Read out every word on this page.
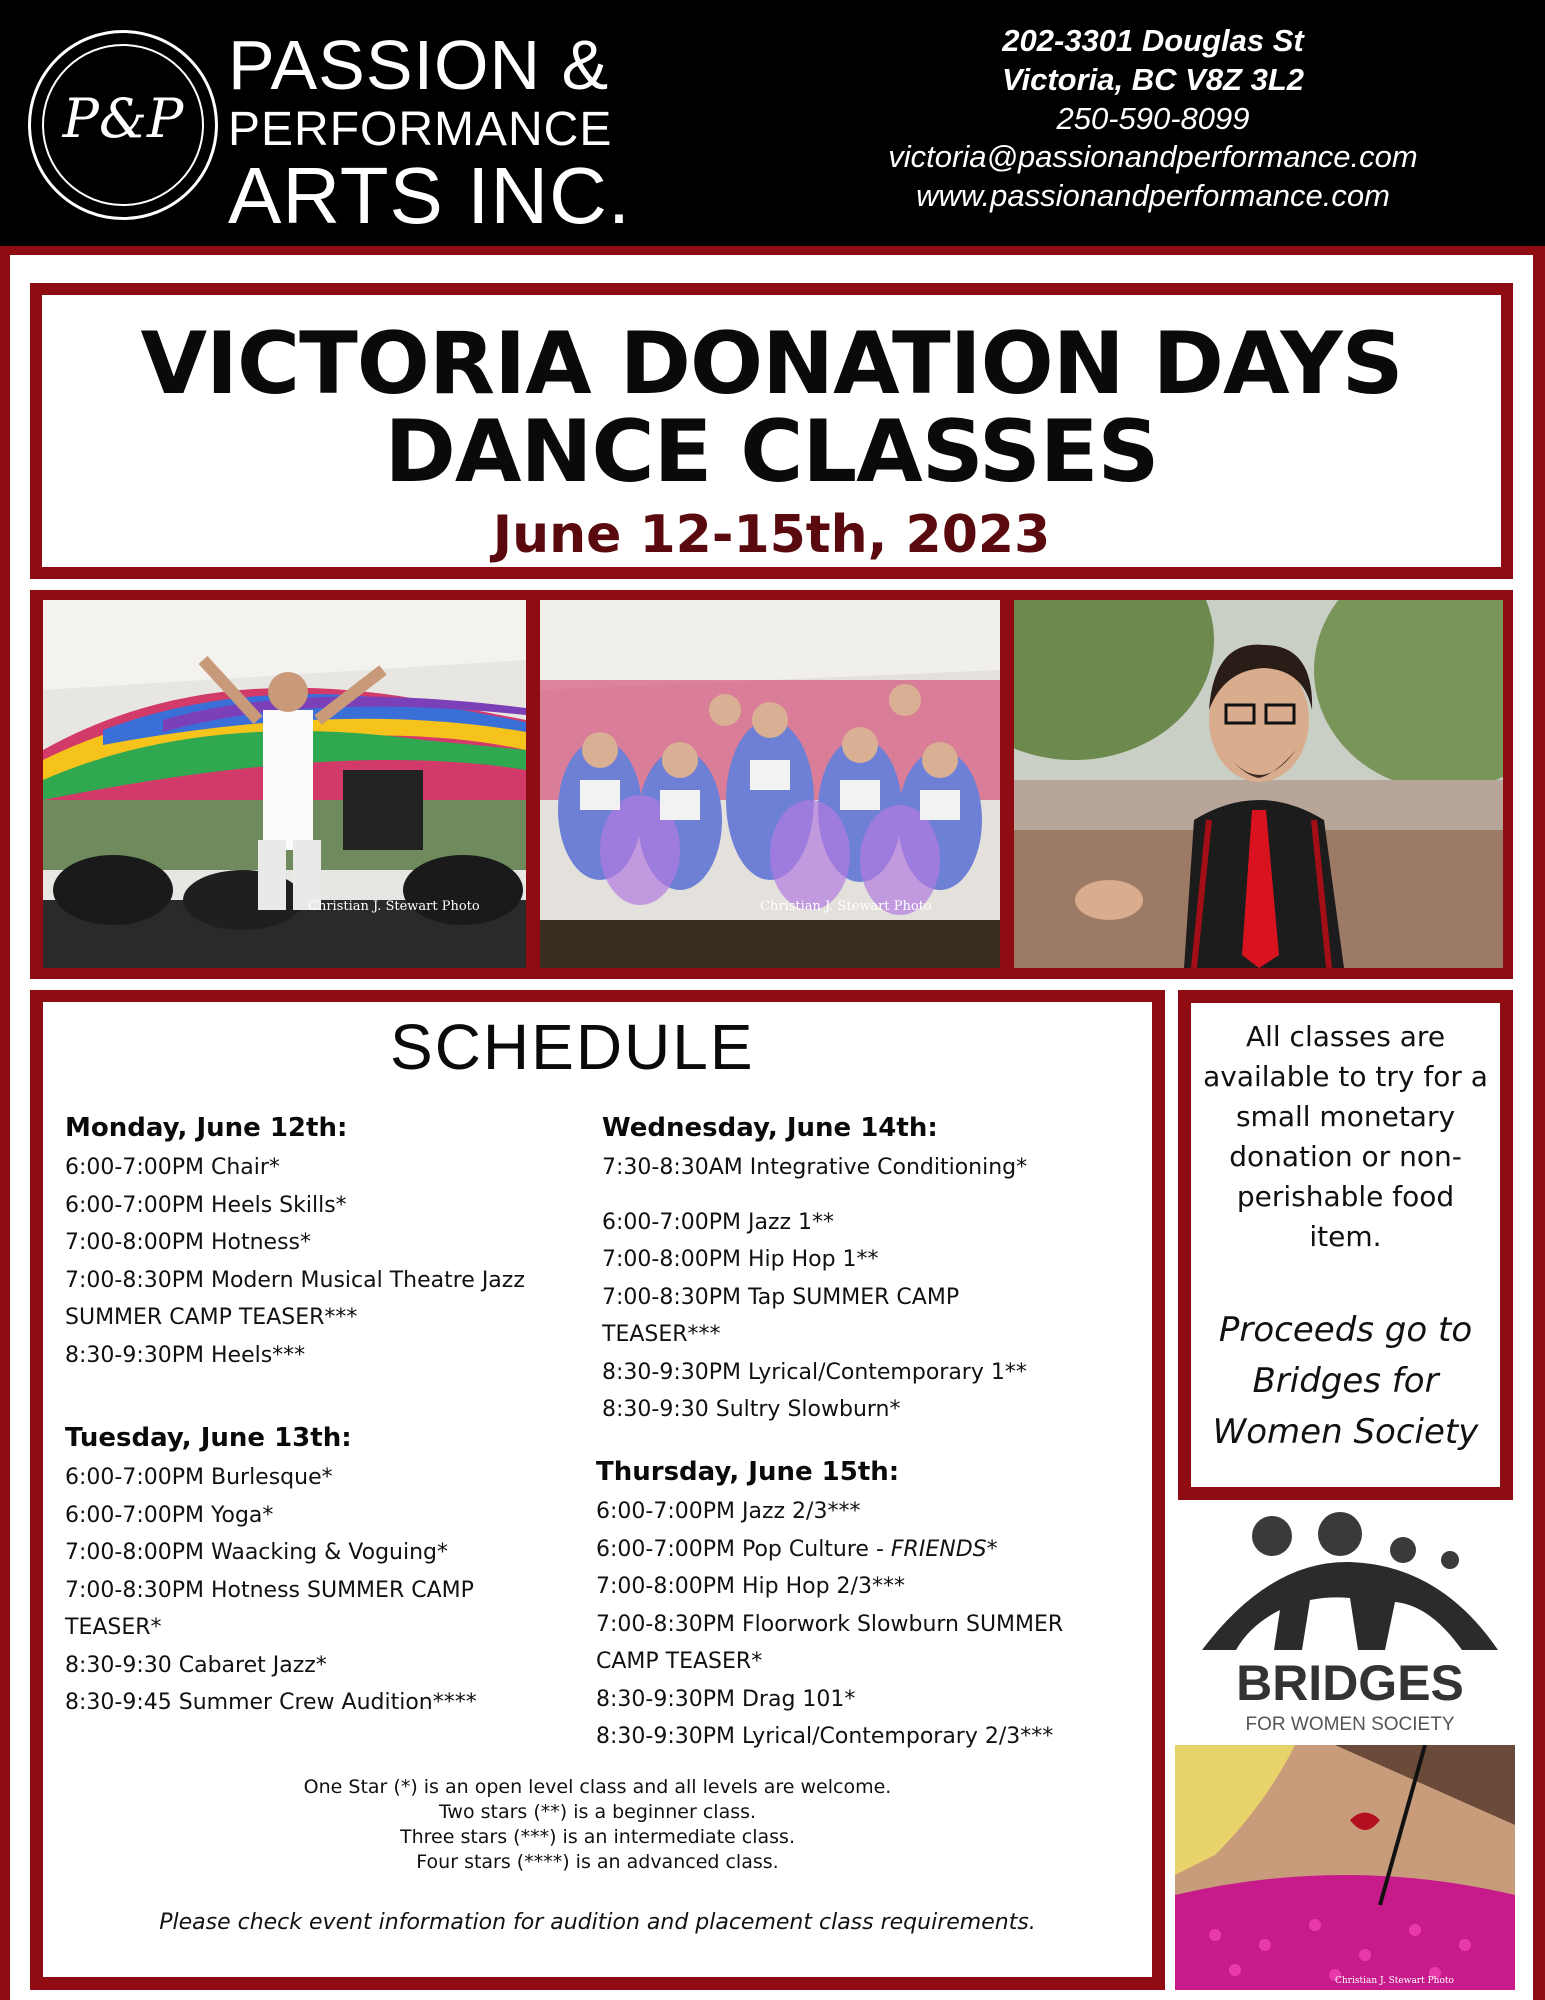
P&P
PASSION &
PERFORMANCE
ARTS INC.
202-3301 Douglas St
Victoria, BC V8Z 3L2
250-590-8099
victoria@passionandperformance.com
www.passionandperformance.com
VICTORIA DONATION DAYS
DANCE CLASSES
June 12-15th, 2023
Christian J. Stewart Photo	Christian J. Stewart Photo
SCHEDULE
Monday, June 12th:
6:00-7:00PM Chair*
6:00-7:00PM Heels Skills*
7:00-8:00PM Hotness*
7:00-8:30PM Modern Musical Theatre Jazz
SUMMER CAMP TEASER***
8:30-9:30PM Heels***
Tuesday, June 13th:
6:00-7:00PM Burlesque*
6:00-7:00PM Yoga*
7:00-8:00PM Waacking & Voguing*
7:00-8:30PM Hotness SUMMER CAMP
TEASER*
8:30-9:30 Cabaret Jazz*
8:30-9:45 Summer Crew Audition****
Wednesday, June 14th:
7:30-8:30AM Integrative Conditioning*
6:00-7:00PM Jazz 1**
7:00-8:00PM Hip Hop 1**
7:00-8:30PM Tap SUMMER CAMP
TEASER***
8:30-9:30PM Lyrical/Contemporary 1**
8:30-9:30 Sultry Slowburn*
Thursday, June 15th:
6:00-7:00PM Jazz 2/3***
6:00-7:00PM Pop Culture - FRIENDS*
7:00-8:00PM Hip Hop 2/3***
7:00-8:30PM Floorwork Slowburn SUMMER
CAMP TEASER*
8:30-9:30PM Drag 101*
8:30-9:30PM Lyrical/Contemporary 2/3***
One Star (*) is an open level class and all levels are welcome.
Two stars (**) is a beginner class.
Three stars (***) is an intermediate class.
Four stars (****) is an advanced class.
Please check event information for audition and placement class requirements.
All classes are
available to try for a
small monetary
donation or non-
perishable food
item.
Proceeds go to
Bridges for
Women Society
BRIDGES
FOR WOMEN SOCIETY
Christian J. Stewart Photo
